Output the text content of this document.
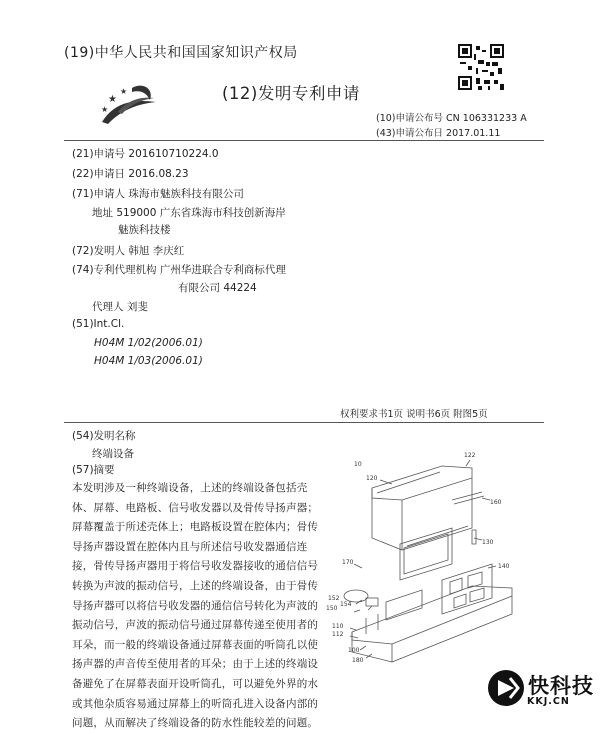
(19)中华人民共和国国家知识产权局
★
★
★	(12)发明专利申请
(10)申请公布号 CN 106331233 A
(43)申请公布日 2017.01.11
(21)申请号 201610710224.0
(22)申请日 2016.08.23
(71)申请人 珠海市魅族科技有限公司
地址 519000 广东省珠海市科技创新海岸
魅族科技楼
(72)发明人 韩旭 李庆红
(74)专利代理机构 广州华进联合专利商标代理
有限公司 44224
代理人 刘斐
(51)Int.Cl.
H04M 1/02(2006.01)
H04M 1/03(2006.01)
权利要求书1页 说明书6页 附图5页
(54)发明名称
终端设备
(57)摘要
本发明涉及一种终端设备，上述的终端设备包括壳体、屏幕、电路板、信号收发器以及骨传导扬声器；屏幕覆盖于所述壳体上；电路板设置在腔体内；骨传导扬声器设置在腔体内且与所述信号收发器通信连接，骨传导扬声器用于将信号收发器接收的通信信号转换为声波的振动信号，上述的终端设备，由于骨传导扬声器可以将信号收发器的通信信号转化为声波的振动信号，声波的振动信号通过屏幕传递至使用者的耳朵，而一般的终端设备通过屏幕表面的听筒孔以使扬声器的声音传至使用者的耳朵；由于上述的终端设备避免了在屏幕表面开设听筒孔，可以避免外界的水或其他杂质容易通过屏幕上的听筒孔进入设备内部的问题，从而解决了终端设备的防水性能较差的问题。
10
122
120
160
130
170
140
152
154
150
110
112
100
180
快科技
KKJ.CN
